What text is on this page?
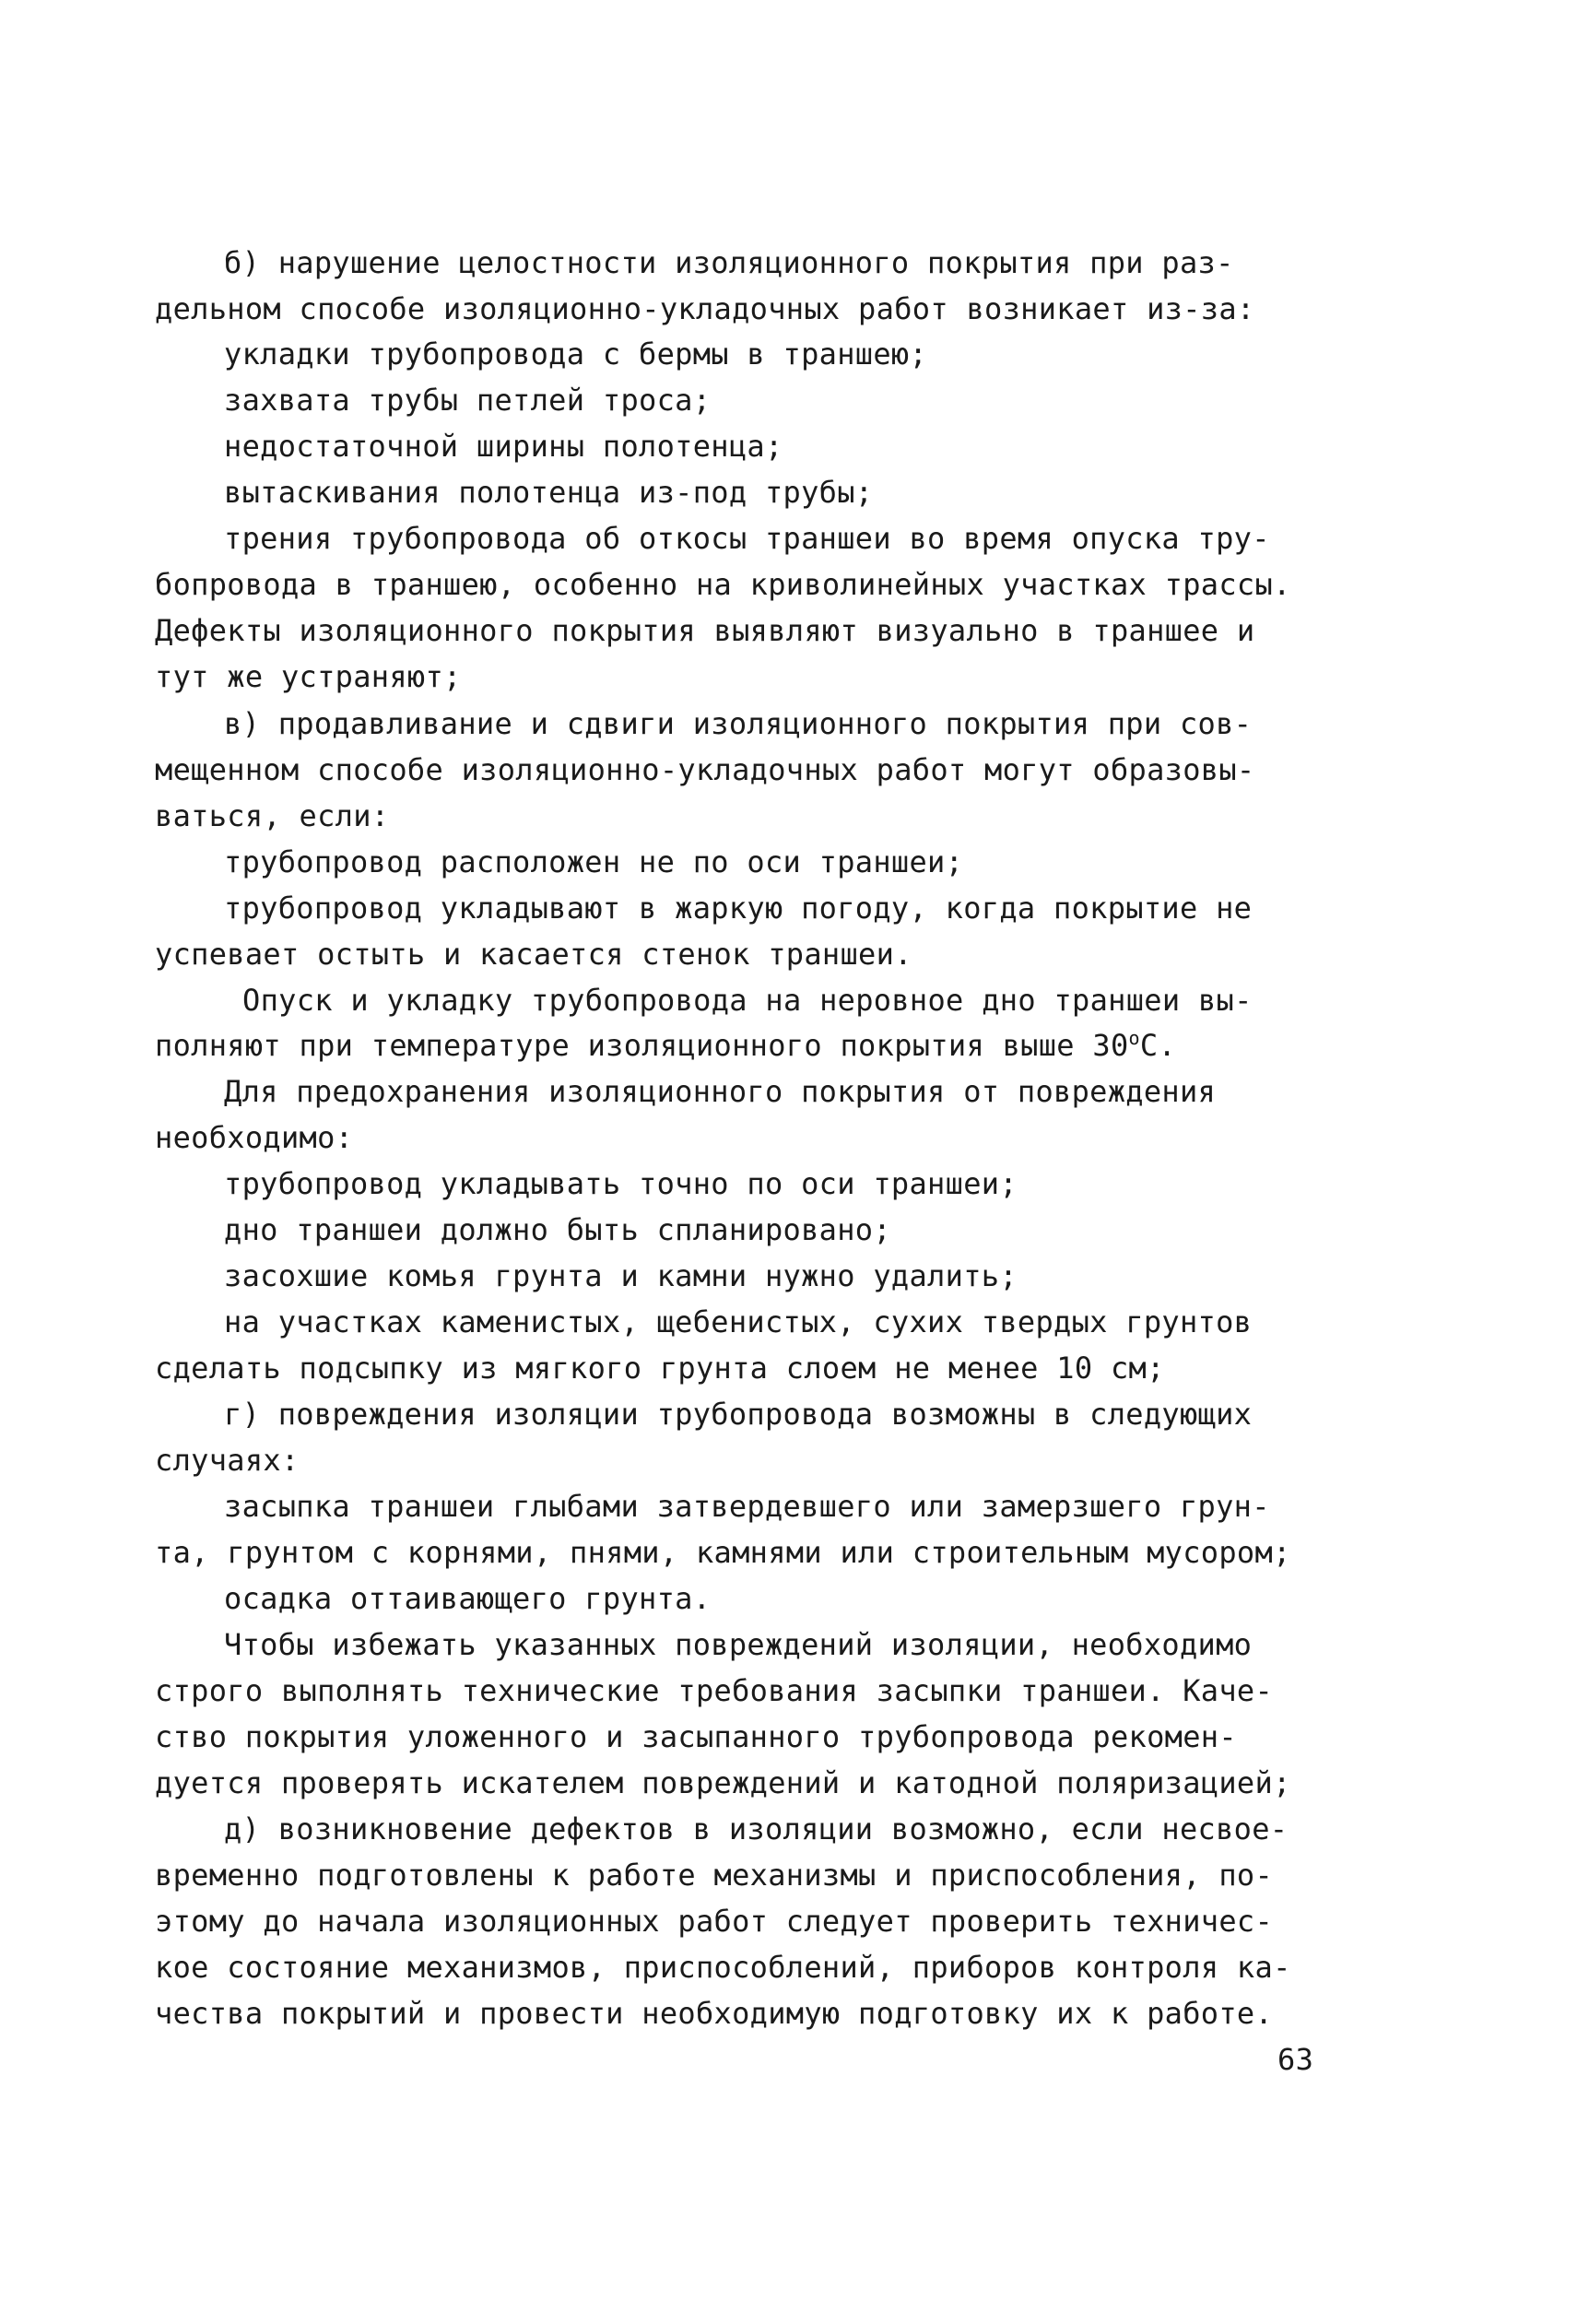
б) нарушение целостности изоляционного покрытия при раз-
дельном способе изоляционно-укладочных работ возникает из-за:
укладки трубопровода с бермы в траншею;
захвата трубы петлей троса;
недостаточной ширины полотенца;
вытаскивания полотенца из-под трубы;
трения трубопровода об откосы траншеи во время опуска тру-
бопровода в траншею, особенно на криволинейных участках трассы.
Дефекты изоляционного покрытия выявляют визуально в траншее и
тут же устраняют;
в) продавливание и сдвиги изоляционного покрытия при сов-
мещенном способе изоляционно-укладочных работ могут образовы-
ваться, если:
трубопровод расположен не по оси траншеи;
трубопровод укладывают в жаркую погоду, когда покрытие не
успевает остыть и касается стенок траншеи.
Опуск и укладку трубопровода на неровное дно траншеи вы-
полняют при температуре изоляционного покрытия выше $30^оС$.
Для предохранения изоляционного покрытия от повреждения
необходимо:
трубопровод укладывать точно по оси траншеи;
дно траншеи должно быть спланировано;
засохшие комья грунта и камни нужно удалить;
на участках каменистых, щебенистых, сухих твердых грунтов
сделать подсыпку из мягкого грунта слоем не менее 10 см;
г) повреждения изоляции трубопровода возможны в следующих
случаях:
засыпка траншеи глыбами затвердевшего или замерзшего грун-
та, грунтом с корнями, пнями, камнями или строительным мусором;
осадка оттаивающего грунта.
Чтобы избежать указанных повреждений изоляции, необходимо
строго выполнять технические требования засыпки траншеи. Каче-
ство покрытия уложенного и засыпанного трубопровода рекомен-
дуется проверять искателем повреждений и катодной поляризацией;
д) возникновение дефектов в изоляции возможно, если несвое-
временно подготовлены к работе механизмы и приспособления, по-
этому до начала изоляционных работ следует проверить техничес-
кое состояние механизмов, приспособлений, приборов контроля ка-
чества покрытий и провести необходимую подготовку их к работе.
63
